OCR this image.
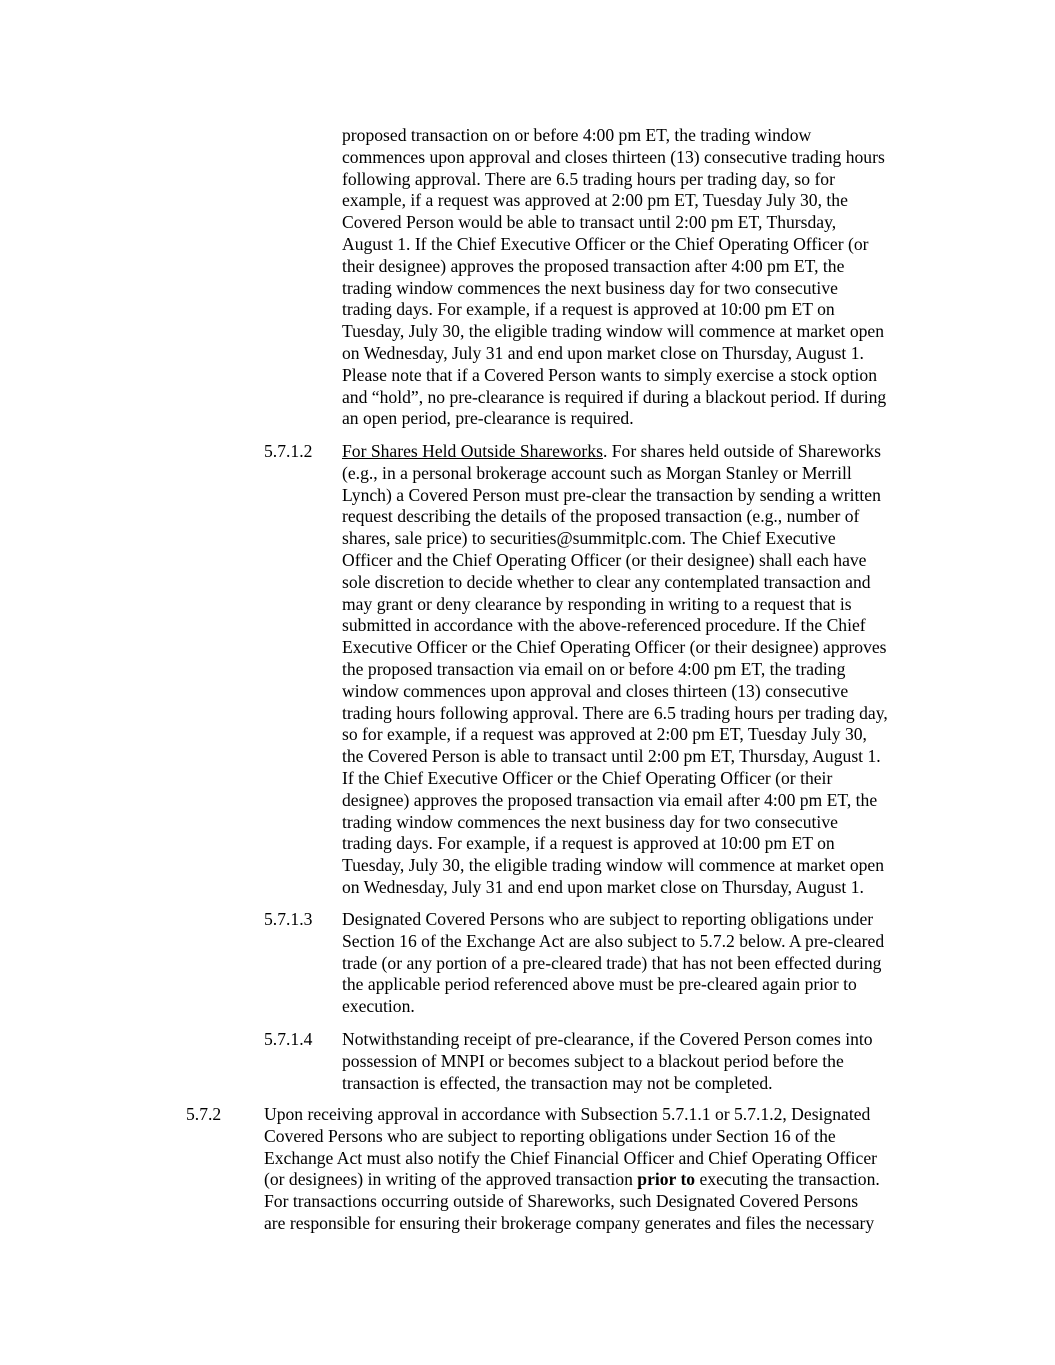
proposed transaction on or before 4:00 pm ET, the trading window
commences upon approval and closes thirteen (13) consecutive trading hours
following approval. There are 6.5 trading hours per trading day, so for
example, if a request was approved at 2:00 pm ET, Tuesday July 30, the
Covered Person would be able to transact until 2:00 pm ET, Thursday,
August 1. If the Chief Executive Officer or the Chief Operating Officer (or
their designee) approves the proposed transaction after 4:00 pm ET, the
trading window commences the next business day for two consecutive
trading days. For example, if a request is approved at 10:00 pm ET on
Tuesday, July 30, the eligible trading window will commence at market open
on Wednesday, July 31 and end upon market close on Thursday, August 1.
Please note that if a Covered Person wants to simply exercise a stock option
and “hold”, no pre-clearance is required if during a blackout period. If during
an open period, pre-clearance is required.
5.7.1.2 For Shares Held Outside Shareworks. For shares held outside of Shareworks
(e.g., in a personal brokerage account such as Morgan Stanley or Merrill
Lynch) a Covered Person must pre-clear the transaction by sending a written
request describing the details of the proposed transaction (e.g., number of
shares, sale price) to securities@summitplc.com. The Chief Executive
Officer and the Chief Operating Officer (or their designee) shall each have
sole discretion to decide whether to clear any contemplated transaction and
may grant or deny clearance by responding in writing to a request that is
submitted in accordance with the above-referenced procedure. If the Chief
Executive Officer or the Chief Operating Officer (or their designee) approves
the proposed transaction via email on or before 4:00 pm ET, the trading
window commences upon approval and closes thirteen (13) consecutive
trading hours following approval. There are 6.5 trading hours per trading day,
so for example, if a request was approved at 2:00 pm ET, Tuesday July 30,
the Covered Person is able to transact until 2:00 pm ET, Thursday, August 1.
If the Chief Executive Officer or the Chief Operating Officer (or their
designee) approves the proposed transaction via email after 4:00 pm ET, the
trading window commences the next business day for two consecutive
trading days. For example, if a request is approved at 10:00 pm ET on
Tuesday, July 30, the eligible trading window will commence at market open
on Wednesday, July 31 and end upon market close on Thursday, August 1.
5.7.1.3 Designated Covered Persons who are subject to reporting obligations under
Section 16 of the Exchange Act are also subject to 5.7.2 below. A pre-cleared
trade (or any portion of a pre-cleared trade) that has not been effected during
the applicable period referenced above must be pre-cleared again prior to
execution.
5.7.1.4 Notwithstanding receipt of pre-clearance, if the Covered Person comes into
possession of MNPI or becomes subject to a blackout period before the
transaction is effected, the transaction may not be completed.
5.7.2 Upon receiving approval in accordance with Subsection 5.7.1.1 or 5.7.1.2, Designated
Covered Persons who are subject to reporting obligations under Section 16 of the
Exchange Act must also notify the Chief Financial Officer and Chief Operating Officer
(or designees) in writing of the approved transaction prior to executing the transaction.
For transactions occurring outside of Shareworks, such Designated Covered Persons
are responsible for ensuring their brokerage company generates and files the necessary
